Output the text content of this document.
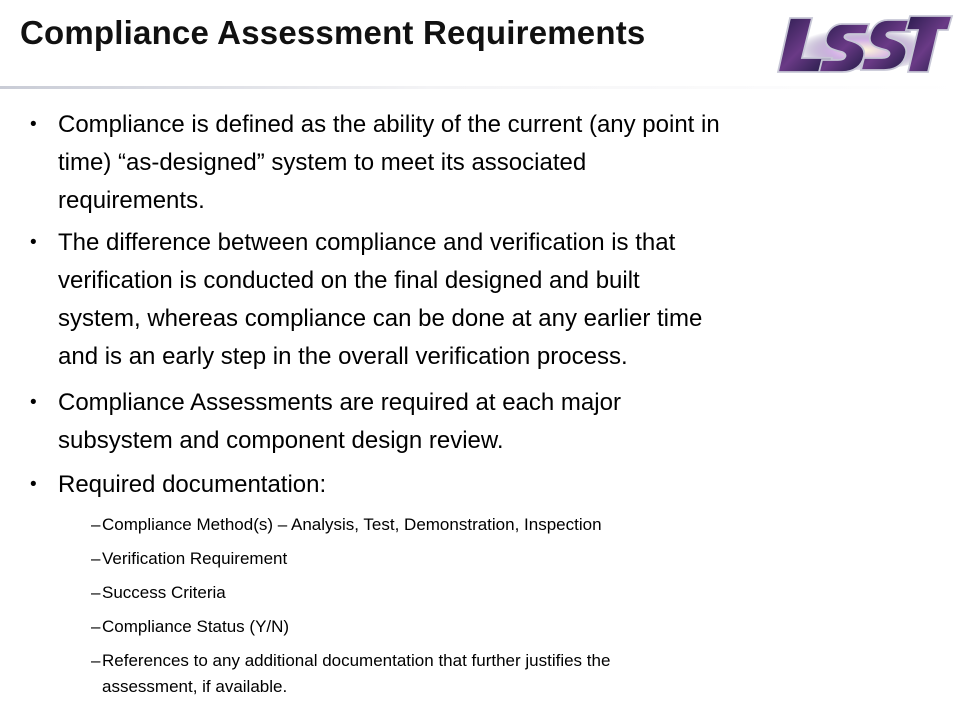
Compliance Assessment Requirements
• Compliance is defined as the ability of the current (any point in
time) “as-designed” system to meet its associated
requirements.
• The difference between compliance and verification is that
verification is conducted on the final designed and built
system, whereas compliance can be done at any earlier time
and is an early step in the overall verification process.
• Compliance Assessments are required at each major
subsystem and component design review.
• Required documentation:
– Compliance Method(s) – Analysis, Test, Demonstration, Inspection
– Verification Requirement
– Success Criteria
– Compliance Status (Y/N)
– References to any additional documentation that further justifies the
assessment, if available.
